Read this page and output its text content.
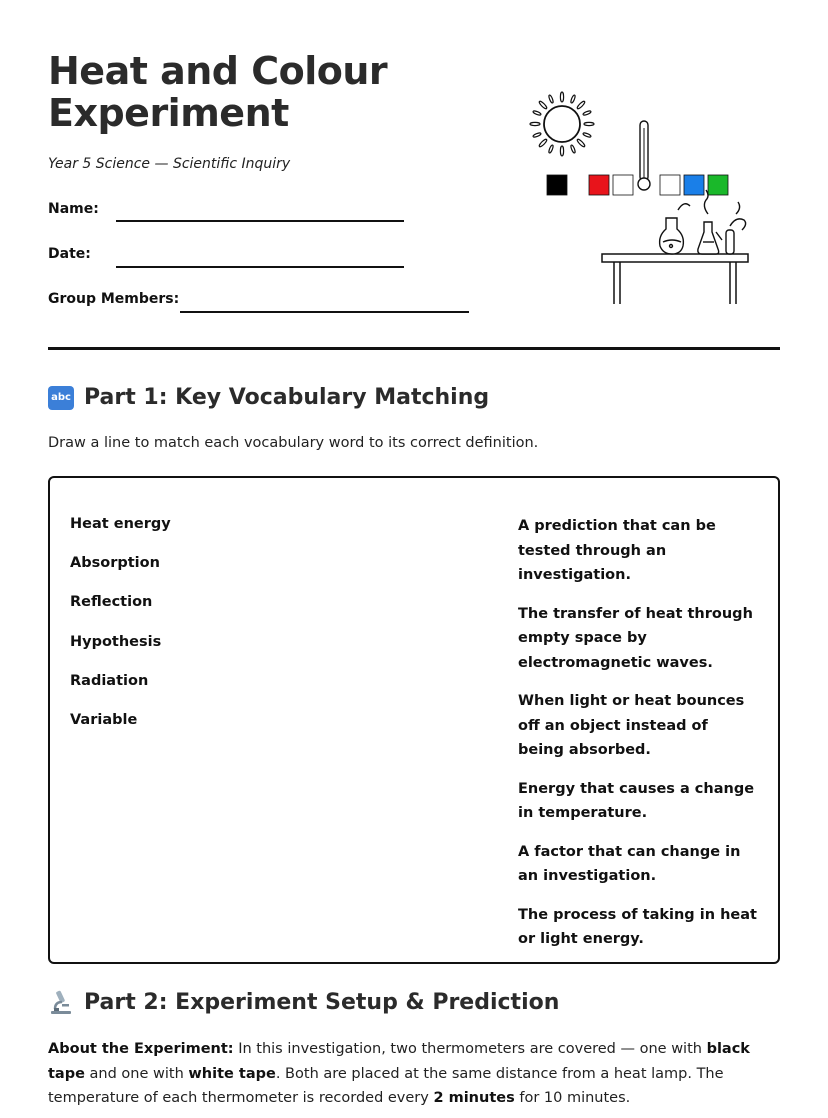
Heat and Colour Experiment
Year 5 Science — Scientific Inquiry
Name:
Date:
Group Members:
abc Part 1: Key Vocabulary Matching
Draw a line to match each vocabulary word to its correct definition.
Heat energy
Absorption
Reflection
Hypothesis
Radiation
Variable
A prediction that can be tested through an investigation.
The transfer of heat through empty space by electromagnetic waves.
When light or heat bounces off an object instead of being absorbed.
Energy that causes a change in temperature.
A factor that can change in an investigation.
The process of taking in heat or light energy.
Part 2: Experiment Setup & Prediction
About the Experiment: In this investigation, two thermometers are covered — one with black tape and one with white tape. Both are placed at the same distance from a heat lamp. The temperature of each thermometer is recorded every 2 minutes for 10 minutes.
